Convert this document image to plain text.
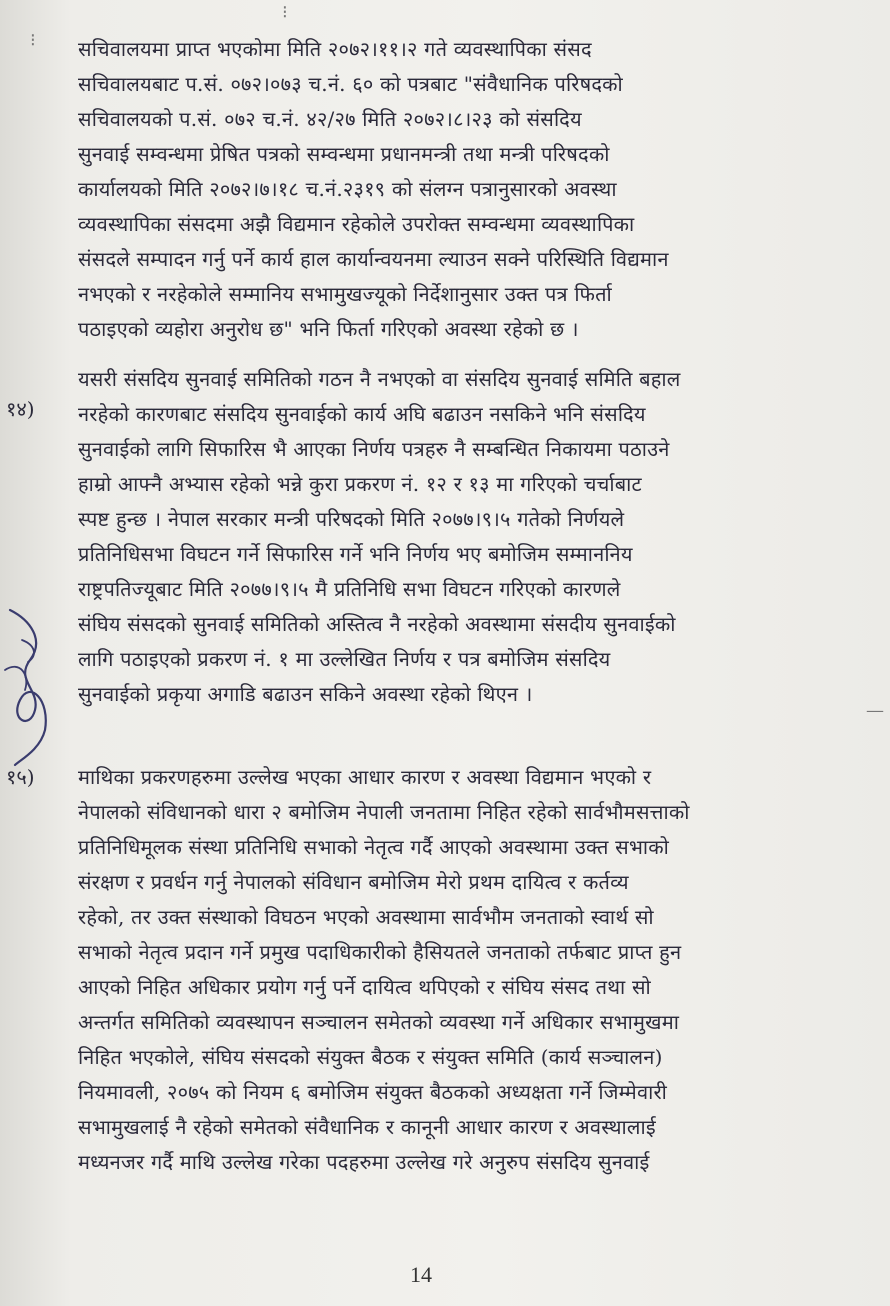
⁝
⁝
—
सचिवालयमा प्राप्त भएकोमा मिति २०७२।११।२ गते व्यवस्थापिका संसद
सचिवालयबाट प.सं. ०७२।०७३ च.नं. ६० को पत्रबाट "संवैधानिक परिषदको
सचिवालयको प.सं. ०७२ च.नं. ४२/२७ मिति २०७२।८।२३ को संसदिय
सुनवाई सम्वन्धमा प्रेषित पत्रको सम्वन्धमा प्रधानमन्त्री तथा मन्त्री परिषदको
कार्यालयको मिति २०७२।७।१८ च.नं.२३१९ को संलग्न पत्रानुसारको अवस्था
व्यवस्थापिका संसदमा अझै विद्यमान रहेकोले उपरोक्त सम्वन्धमा व्यवस्थापिका
संसदले सम्पादन गर्नु पर्ने कार्य हाल कार्यान्वयनमा ल्याउन सक्ने परिस्थिति विद्यमान
नभएको र नरहेकोले सम्मानिय सभामुखज्यूको निर्देशानुसार उक्त पत्र फिर्ता
पठाइएको व्यहोरा अनुरोध छ" भनि फिर्ता गरिएको अवस्था रहेको छ ।
१४)
यसरी संसदिय सुनवाई समितिको गठन नै नभएको वा संसदिय सुनवाई समिति बहाल
नरहेको कारणबाट संसदिय सुनवाईको कार्य अघि बढाउन नसकिने भनि संसदिय
सुनवाईको लागि सिफारिस भै आएका निर्णय पत्रहरु नै सम्बन्धित निकायमा पठाउने
हाम्रो आफ्नै अभ्यास रहेको भन्ने कुरा प्रकरण नं. १२ र १३ मा गरिएको चर्चाबाट
स्पष्ट हुन्छ । नेपाल सरकार मन्त्री परिषदको मिति २०७७।९।५ गतेको निर्णयले
प्रतिनिधिसभा विघटन गर्ने सिफारिस गर्ने भनि निर्णय भए बमोजिम सम्माननिय
राष्ट्रपतिज्यूबाट मिति २०७७।९।५ मै प्रतिनिधि सभा विघटन गरिएको कारणले
संघिय संसदको सुनवाई समितिको अस्तित्व नै नरहेको अवस्थामा संसदीय सुनवाईको
लागि पठाइएको प्रकरण नं. १ मा उल्लेखित निर्णय र पत्र बमोजिम संसदिय
सुनवाईको प्रकृया अगाडि बढाउन सकिने अवस्था रहेको थिएन ।
१५) माथिका प्रकरणहरुमा उल्लेख भएका आधार कारण र अवस्था विद्यमान भएको र
नेपालको संविधानको धारा २ बमोजिम नेपाली जनतामा निहित रहेको सार्वभौमसत्ताको
प्रतिनिधिमूलक संस्था प्रतिनिधि सभाको नेतृत्व गर्दै आएको अवस्थामा उक्त सभाको
संरक्षण र प्रवर्धन गर्नु नेपालको संविधान बमोजिम मेरो प्रथम दायित्व र कर्तव्य
रहेको, तर उक्त संस्थाको विघठन भएको अवस्थामा सार्वभौम जनताको स्वार्थ सो
सभाको नेतृत्व प्रदान गर्ने प्रमुख पदाधिकारीको हैसियतले जनताको तर्फबाट प्राप्त हुन
आएको निहित अधिकार प्रयोग गर्नु पर्ने दायित्व थपिएको र संघिय संसद तथा सो
अन्तर्गत समितिको व्यवस्थापन सञ्चालन समेतको व्यवस्था गर्ने अधिकार सभामुखमा
निहित भएकोले, संघिय संसदको संयुक्त बैठक र संयुक्त समिति (कार्य सञ्चालन)
नियमावली, २०७५ को नियम ६ बमोजिम संयुक्त बैठकको अध्यक्षता गर्ने जिम्मेवारी
सभामुखलाई नै रहेको समेतको संवैधानिक र कानूनी आधार कारण र अवस्थालाई
मध्यनजर गर्दै माथि उल्लेख गरेका पदहरुमा उल्लेख गरे अनुरुप संसदिय सुनवाई
14
